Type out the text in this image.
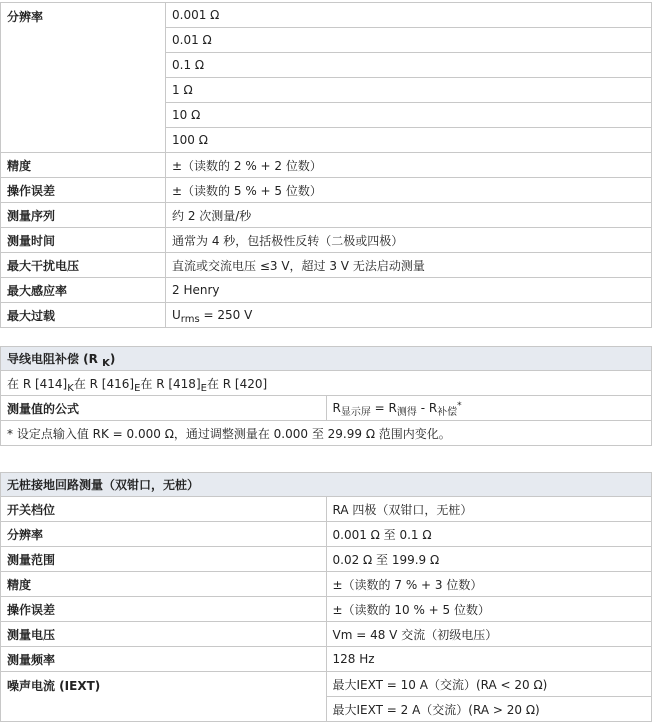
分辨率	0.001 Ω
	0.01 Ω
	0.1 Ω
	1 Ω
	10 Ω
	100 Ω
精度	±（读数的 2 % + 2 位数）
操作误差	±（读数的 5 % + 5 位数）
测量序列	约 2 次测量/秒
测量时间	通常为 4 秒，包括极性反转（二极或四极）
最大干扰电压	直流或交流电压 ≤3 V，超过 3 V 无法启动测量
最大感应率	2 Henry
最大过载	$U_{rms} = 250$ V
导线电阻补偿 (R $_K$)
在 R $[414]_K$在 R $[416]_E$在 R $[418]_E$在 R [420]
测量值的公式	$R_{显示屏} = R_{测得} - R_{补偿}^*$
* 设定点输入值 RK = 0.000 Ω，通过调整测量在 0.000 至 29.99 Ω 范围内变化。
无桩接地回路测量（双钳口，无桩）	
开关档位	RA 四极（双钳口，无桩）
分辨率	0.001 Ω 至 0.1 Ω
测量范围	0.02 Ω 至 199.9 Ω
精度	±（读数的 7 % + 3 位数）
操作误差	±（读数的 10 % + 5 位数）
测量电压	Vm = 48 V 交流（初级电压）
测量频率	128 Hz
噪声电流 (IEXT)	最大IEXT = 10 A（交流）(RA < 20 Ω)
	最大IEXT = 2 A（交流）(RA > 20 Ω)
